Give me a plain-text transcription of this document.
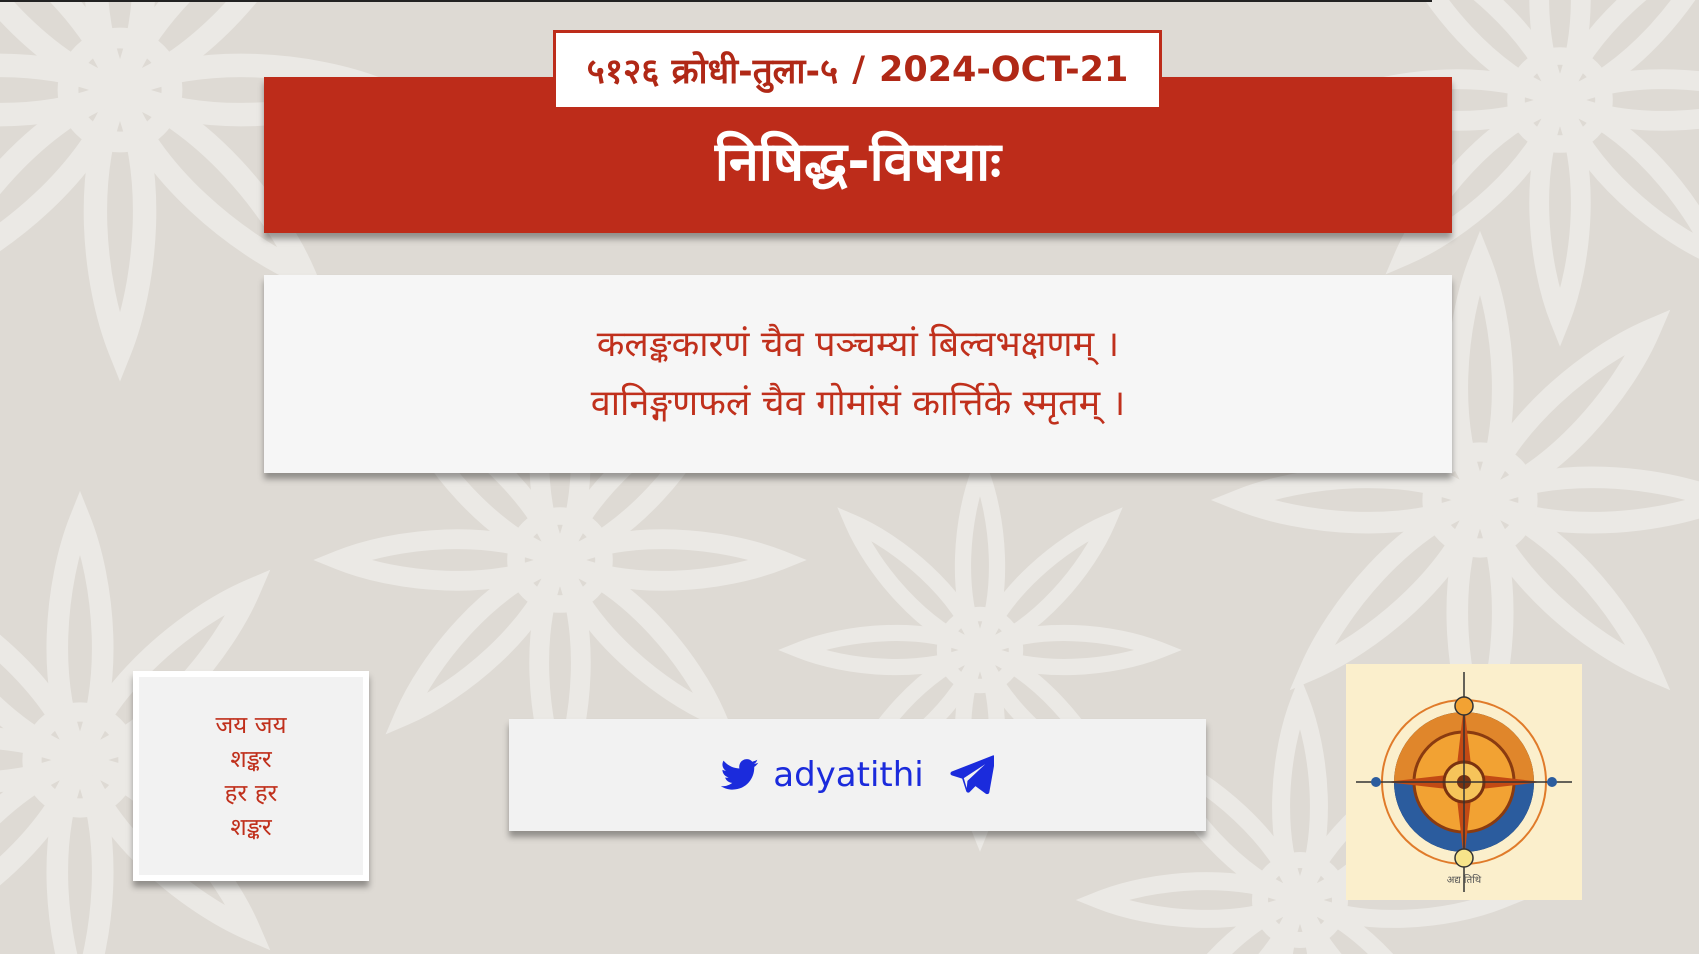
निषिद्ध-विषयाः
५१२६ क्रोधी-तुला-५ / 2024-OCT-21
कलङ्ककारणं चैव पञ्चम्यां बिल्वभक्षणम् ।
वानिङ्गणफलं चैव गोमांसं कार्त्तिके स्मृतम् ।
जय जय
शङ्कर
हर हर
शङ्कर
adyatithi
अद्य तिथि
